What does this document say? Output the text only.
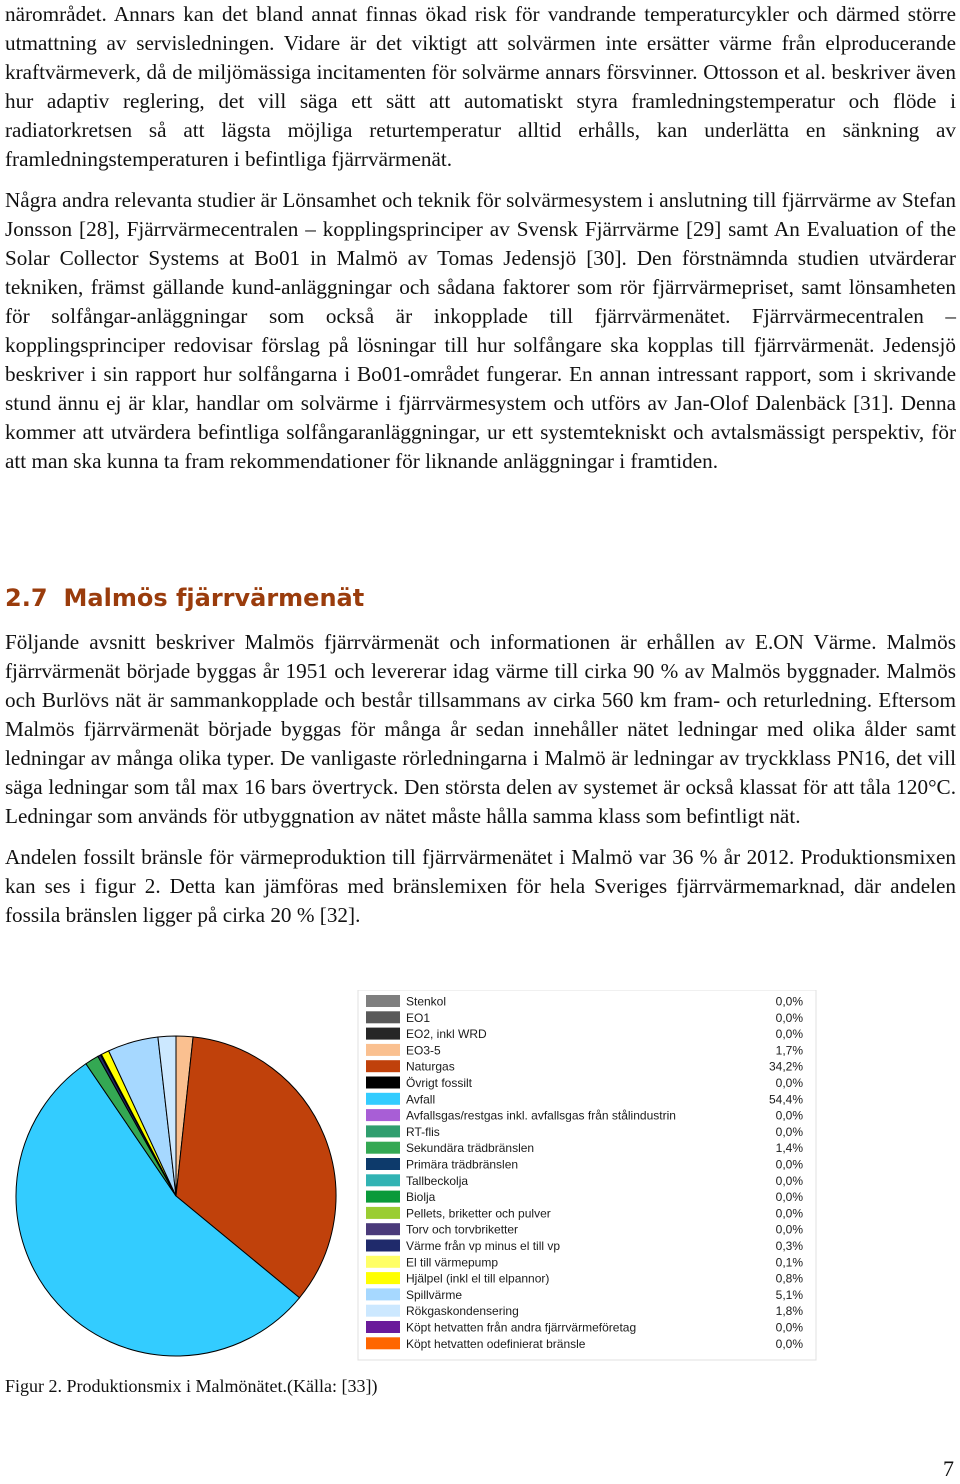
närområdet. Annars kan det bland annat finnas ökad risk för vandrande temperaturcykler och därmed större utmattning av servisledningen. Vidare är det viktigt att solvärmen inte ersätter värme från elproducerande kraftvärmeverk, då de miljömässiga incitamenten för solvärme annars försvinner. Ottosson et al. beskriver även hur adaptiv reglering, det vill säga ett sätt att automatiskt styra framledningstemperatur och flöde i radiatorkretsen så att lägsta möjliga returtemperatur alltid erhålls, kan underlätta en sänkning av framledningstemperaturen i befintliga fjärrvärmenät.

Några andra relevanta studier är Lönsamhet och teknik för solvärmesystem i anslutning till fjärrvärme av Stefan Jonsson [28], Fjärrvärmecentralen – kopplingsprinciper av Svensk Fjärrvärme [29] samt An Evaluation of the Solar Collector Systems at Bo01 in Malmö av Tomas Jedensjö [30]. Den förstnämnda studien utvärderar tekniken, främst gällande kund-anläggningar och sådana faktorer som rör fjärrvärmepriset, samt lönsamheten för solfångar-anläggningar som också är inkopplade till fjärrvärmenätet. Fjärrvärmecentralen – kopplingsprinciper redovisar förslag på lösningar till hur solfångare ska kopplas till fjärrvärmenät. Jedensjö beskriver i sin rapport hur solfångarna i Bo01-området fungerar. En annan intressant rapport, som i skrivande stund ännu ej är klar, handlar om solvärme i fjärrvärmesystem och utförs av Jan-Olof Dalenbäck [31]. Denna kommer att utvärdera befintliga solfångaranläggningar, ur ett systemtekniskt och avtalsmässigt perspektiv, för att man ska kunna ta fram rekommendationer för liknande anläggningar i framtiden.

2.7 Malmös fjärrvärmenät

Följande avsnitt beskriver Malmös fjärrvärmenät och informationen är erhållen av E.ON Värme. Malmös fjärrvärmenät började byggas år 1951 och levererar idag värme till cirka 90 % av Malmös byggnader. Malmös och Burlövs nät är sammankopplade och består tillsammans av cirka 560 km fram- och returledning. Eftersom Malmös fjärrvärmenät började byggas för många år sedan innehåller nätet ledningar med olika ålder samt ledningar av många olika typer. De vanligaste rörledningarna i Malmö är ledningar av tryckklass PN16, det vill säga ledningar som tål max 16 bars övertryck. Den största delen av systemet är också klassat för att tåla 120°C. Ledningar som används för utbyggnation av nätet måste hålla samma klass som befintligt nät.

Andelen fossilt bränsle för värmeproduktion till fjärrvärmenätet i Malmö var 36 % år 2012. Produktionsmixen kan ses i figur 2. Detta kan jämföras med bränslemixen för hela Sveriges fjärrvärmemarknad, där andelen fossila bränslen ligger på cirka 20 % [32].

Stenkol	0,0%
EO1	0,0%
EO2, inkl WRD	0,0%
EO3-5	1,7%
Naturgas	34,2%
Övrigt fossilt	0,0%
Avfall	54,4%
Avfallsgas/restgas inkl. avfallsgas från stålindustrin	0,0%
RT-flis	0,0%
Sekundära trädbränslen	1,4%
Primära trädbränslen	0,0%
Tallbeckolja	0,0%
Biolja	0,0%
Pellets, briketter och pulver	0,0%
Torv och torvbriketter	0,0%
Värme från vp minus el till vp	0,3%
El till värmepump	0,1%
Hjälpel (inkl el till elpannor)	0,8%
Spillvärme	5,1%
Rökgaskondensering	1,8%
Köpt hetvatten från andra fjärrvärmeföretag	0,0%
Köpt hetvatten odefinierat bränsle	0,0%
Figur 2. Produktionsmix i Malmönätet.(Källa: [33])
7
